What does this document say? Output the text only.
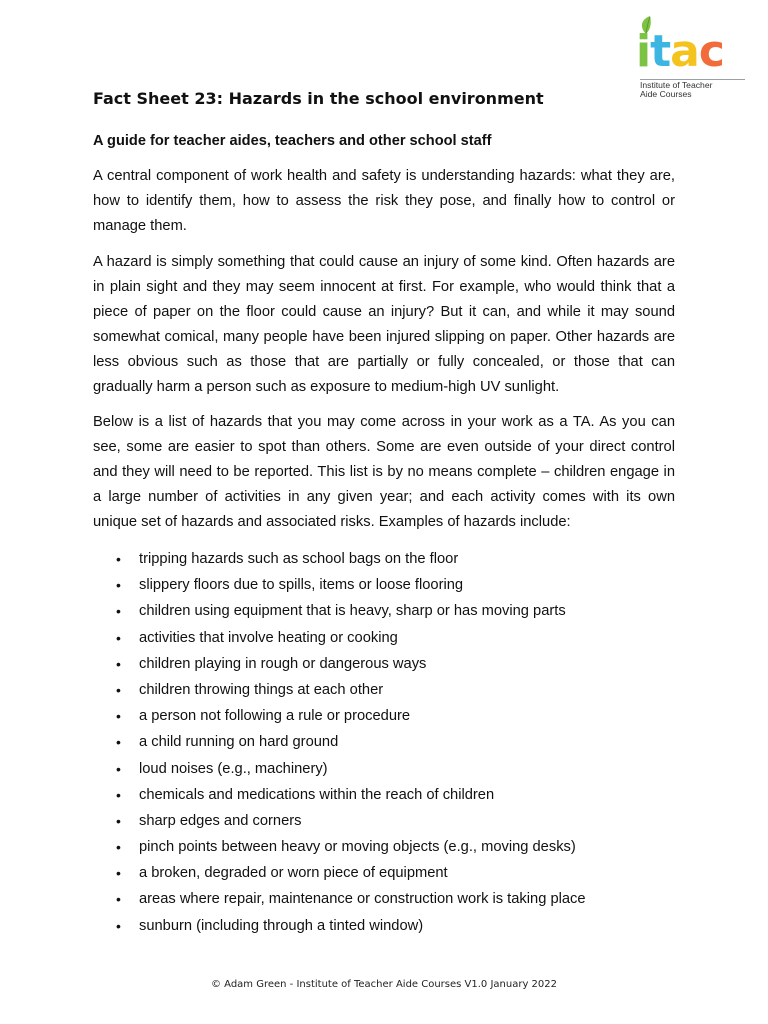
itac
Institute of Teacher
Aide Courses
Fact Sheet 23: Hazards in the school environment
A guide for teacher aides, teachers and other school staff

A central component of work health and safety is understanding hazards: what they are, how to identify them, how to assess the risk they pose, and finally how to control or manage them.

A hazard is simply something that could cause an injury of some kind. Often hazards are in plain sight and they may seem innocent at first. For example, who would think that a piece of paper on the floor could cause an injury? But it can, and while it may sound somewhat comical, many people have been injured slipping on paper. Other hazards are less obvious such as those that are partially or fully concealed, or those that can gradually harm a person such as exposure to medium-high UV sunlight.

Below is a list of hazards that you may come across in your work as a TA. As you can see, some are easier to spot than others. Some are even outside of your direct control and they will need to be reported. This list is by no means complete – children engage in a large number of activities in any given year; and each activity comes with its own unique set of hazards and associated risks. Examples of hazards include:

• tripping hazards such as school bags on the floor
• slippery floors due to spills, items or loose flooring
• children using equipment that is heavy, sharp or has moving parts
• activities that involve heating or cooking
• children playing in rough or dangerous ways
• children throwing things at each other
• a person not following a rule or procedure
• a child running on hard ground
• loud noises (e.g., machinery)
• chemicals and medications within the reach of children
• sharp edges and corners
• pinch points between heavy or moving objects (e.g., moving desks)
• a broken, degraded or worn piece of equipment
• areas where repair, maintenance or construction work is taking place
• sunburn (including through a tinted window)
© Adam Green - Institute of Teacher Aide Courses V1.0 January 2022
